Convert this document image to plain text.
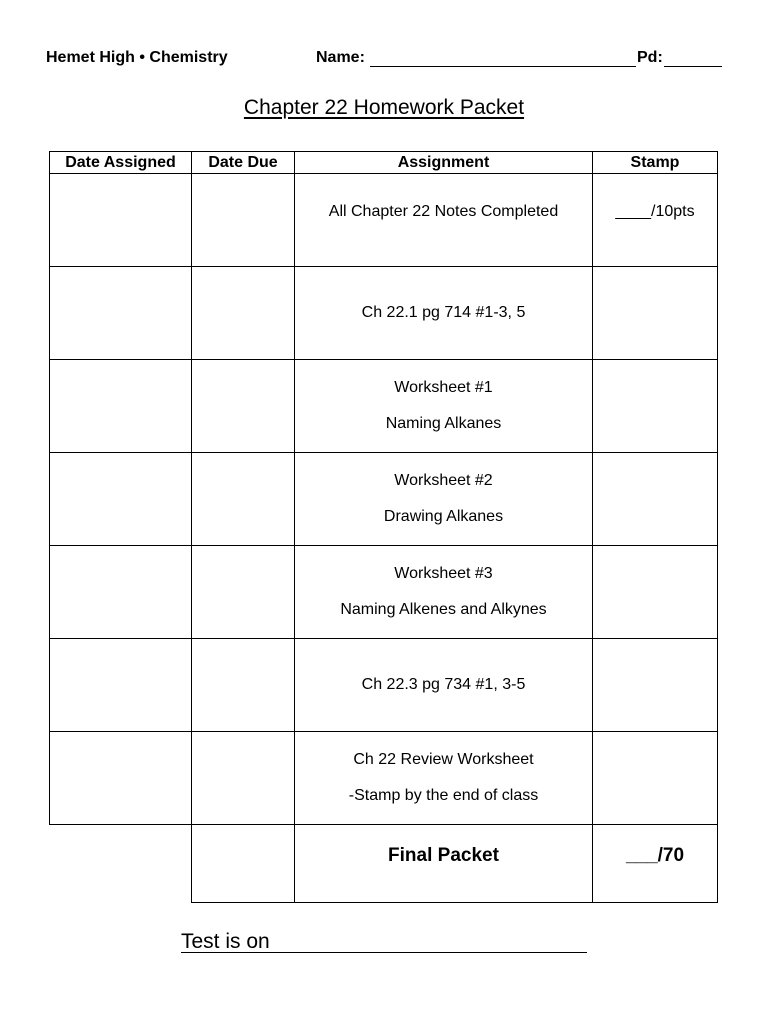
Hemet High • Chemistry	Name:	Pd:
Chapter 22 Homework Packet
Date Assigned	Date Due	Assignment	Stamp

		All Chapter 22 Notes Completed	____/10pts

		Ch 22.1 pg 714 #1-3, 5	

		Worksheet #1
Naming Alkanes	

		Worksheet #2
Drawing Alkanes	

		Worksheet #3
Naming Alkenes and Alkynes	

		Ch 22.3 pg 734 #1, 3-5	

		Ch 22 Review Worksheet
-Stamp by the end of class	

		Final Packet	___/70
Test is on
